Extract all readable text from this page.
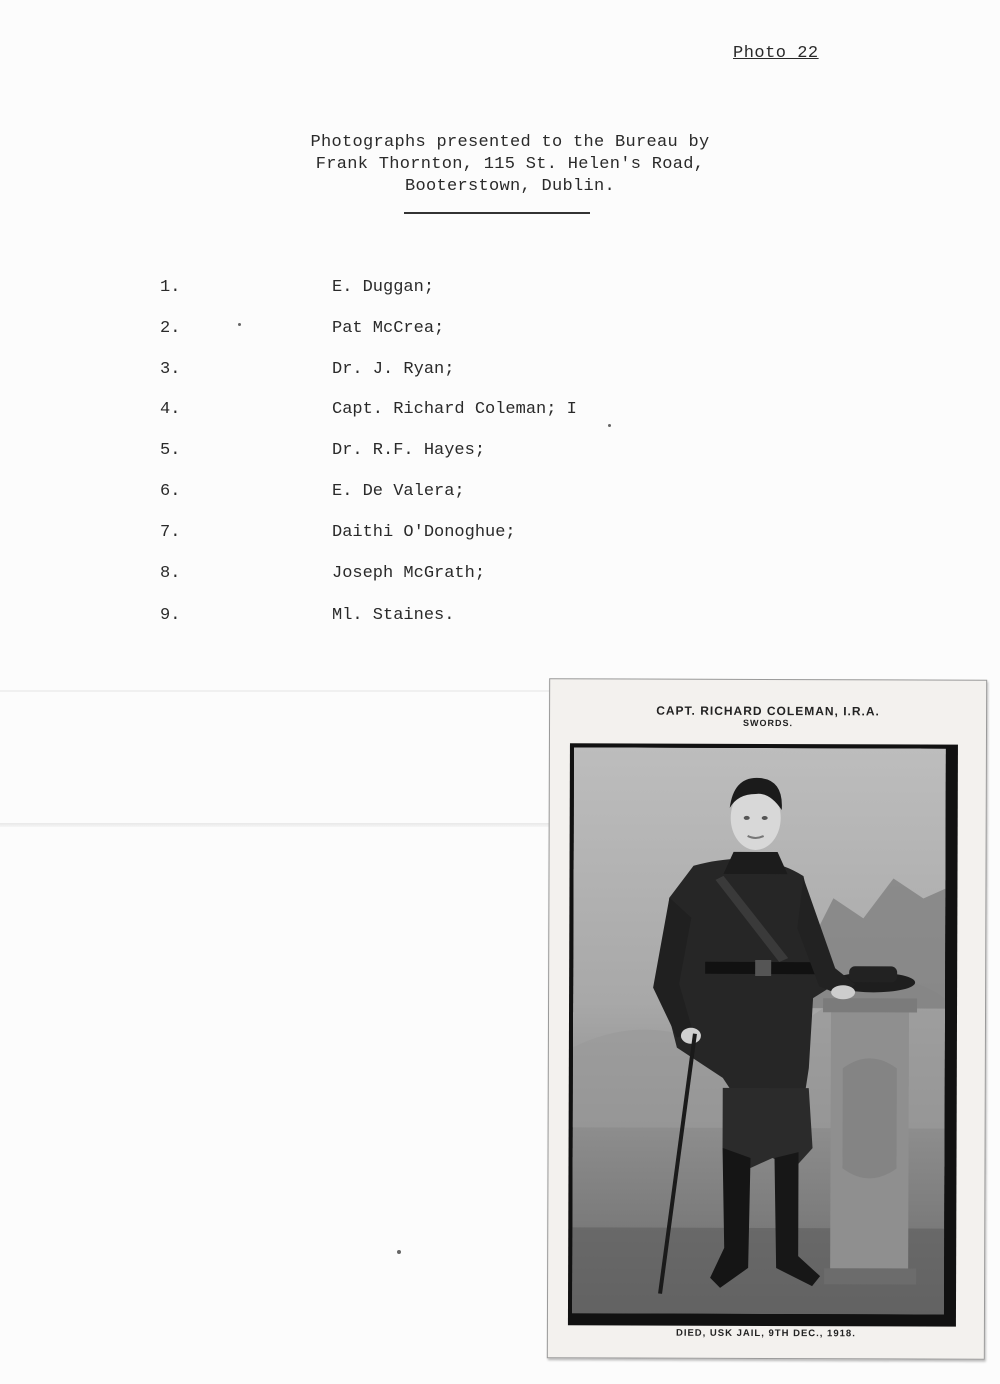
Photo 22
Photographs presented to the Bureau by
Frank Thornton, 115 St. Helen's Road,
Booterstown, Dublin.

1.

	E. Duggan;

2.

	Pat McCrea;

3.

	Dr. J. Ryan;

4.

	Capt. Richard Coleman; I

5.

	Dr. R.F. Hayes;

6.

	E. De Valera;

7.

	Daithi O'Donoghue;

8.

	Joseph McGrath;

9.

	Ml. Staines.

CAPT. RICHARD COLEMAN, I.R.A.
SWORDS.
DIED, USK JAIL, 9TH DEC., 1918.
